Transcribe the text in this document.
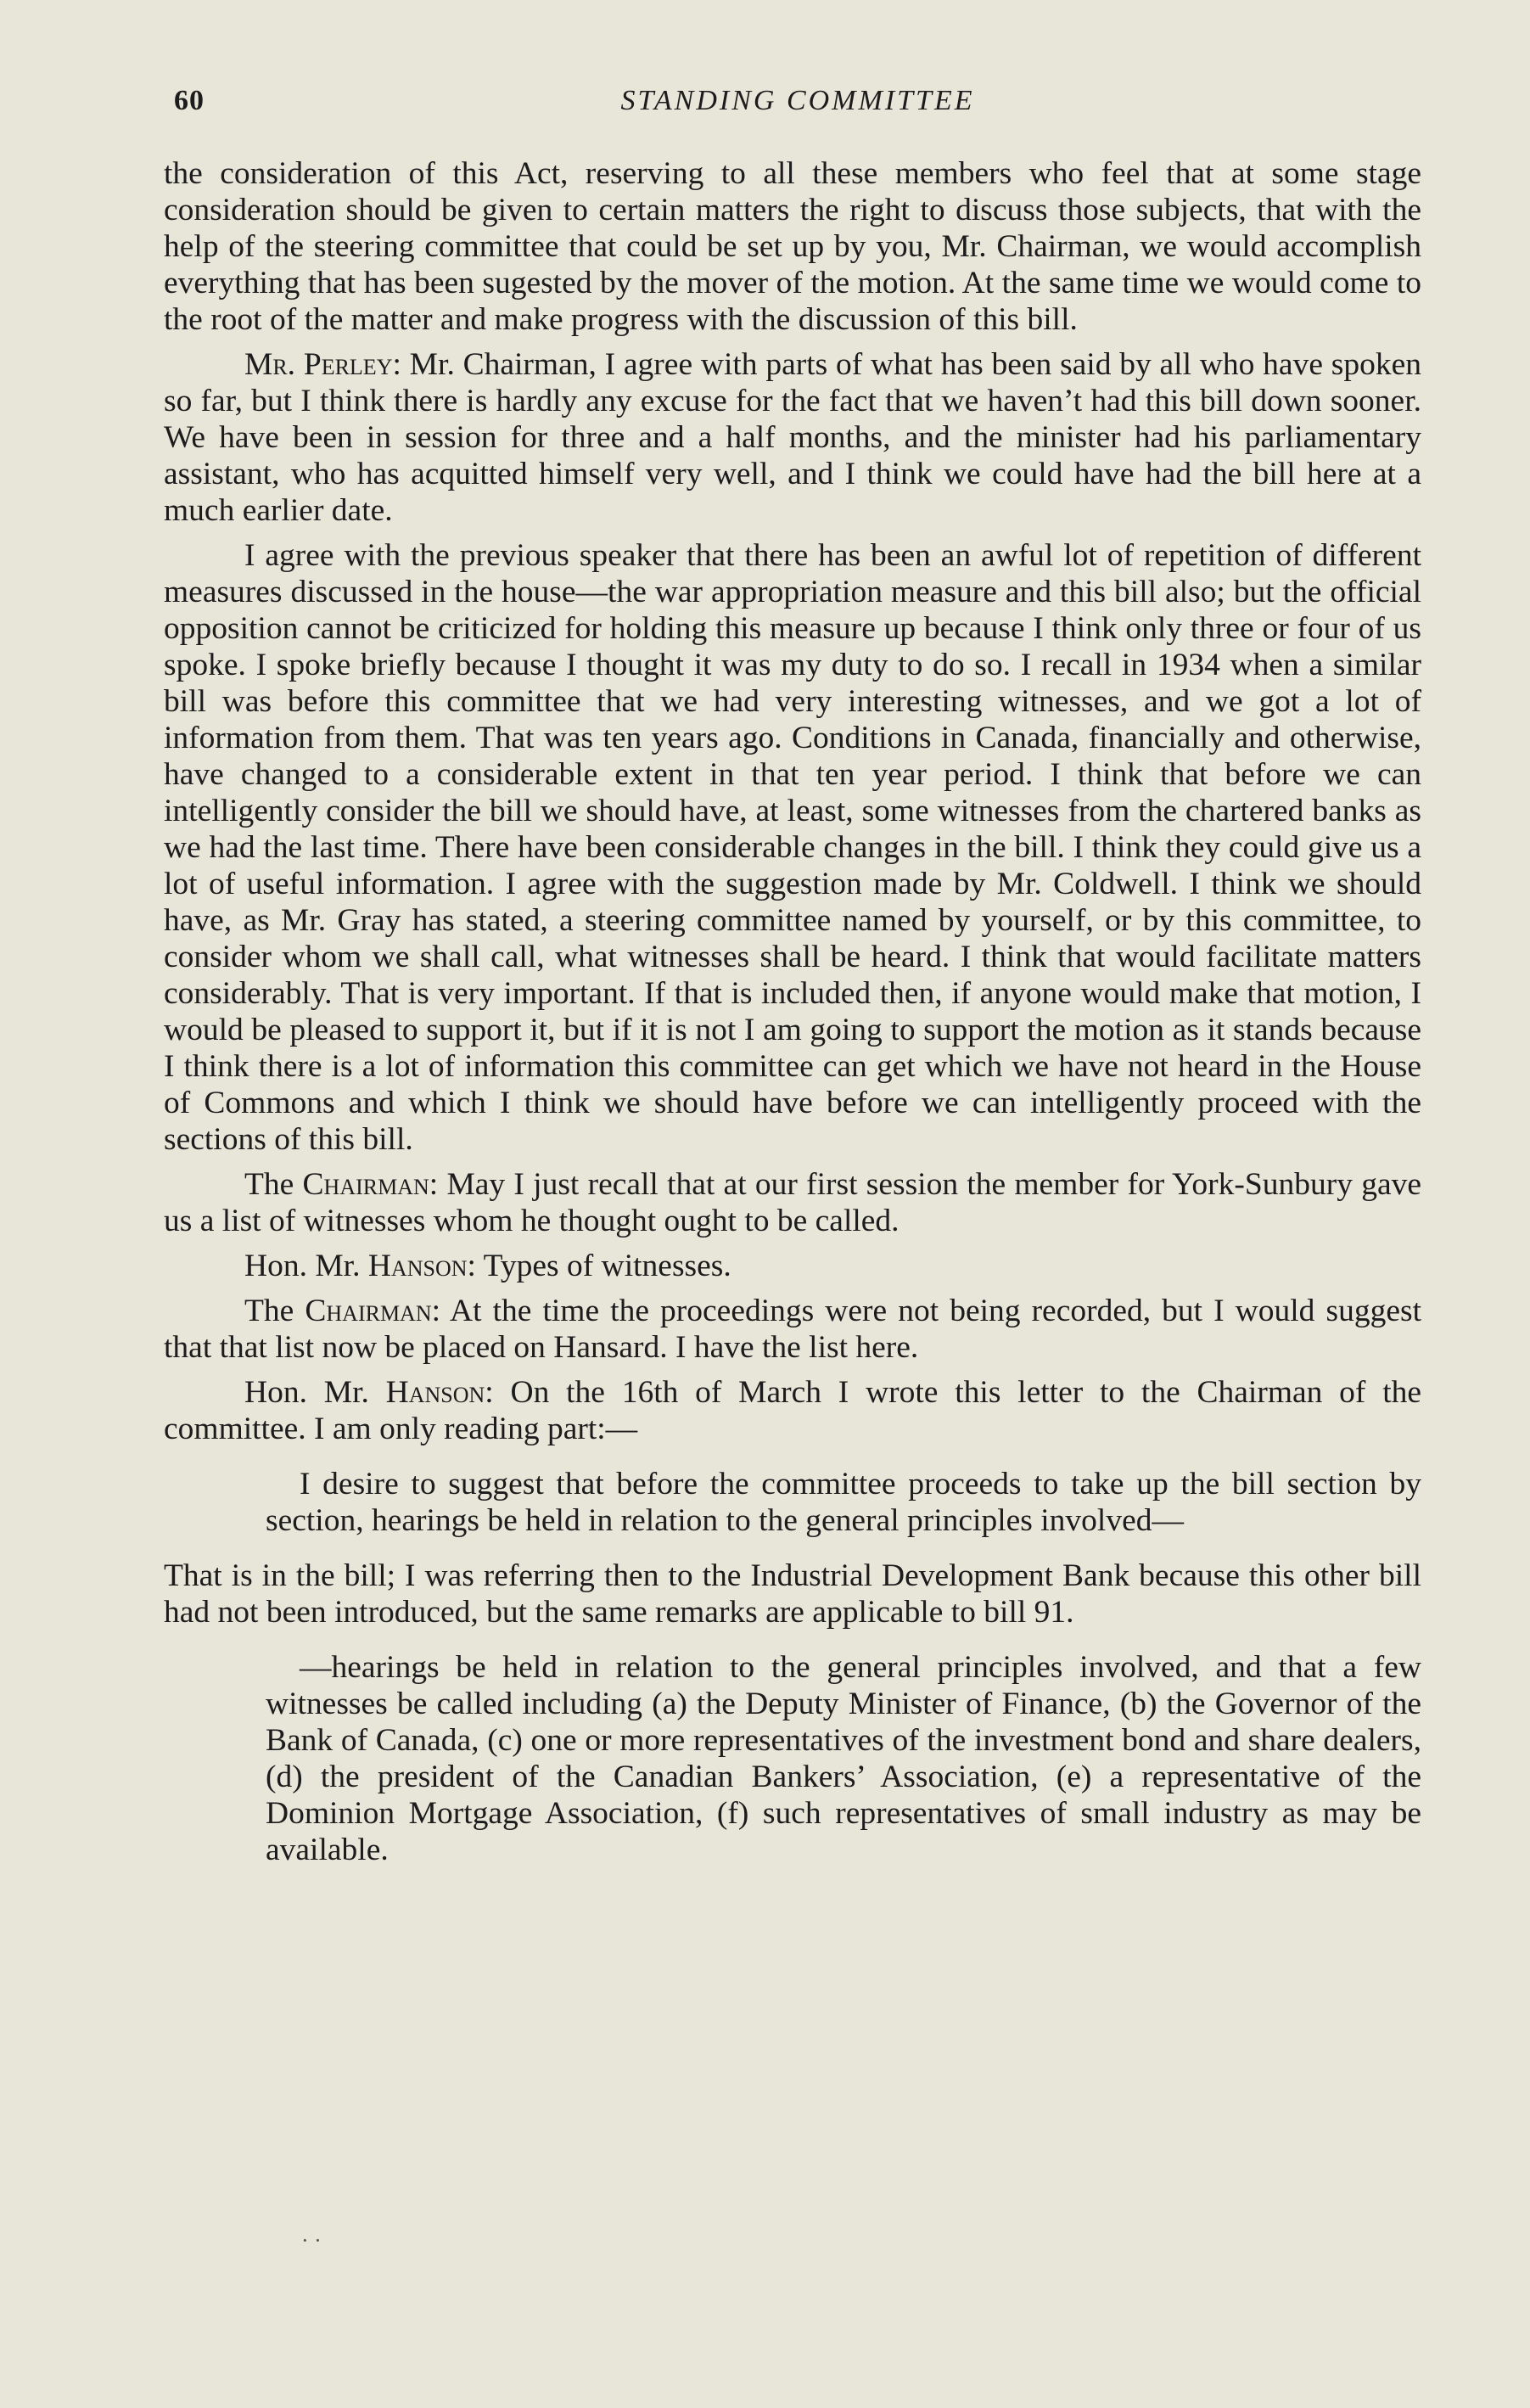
60	STANDING COMMITTEE

the consideration of this Act, reserving to all these members who feel that at some stage consideration should be given to certain matters the right to discuss those subjects, that with the help of the steering committee that could be set up by you, Mr. Chairman, we would accomplish everything that has been sugested by the mover of the motion. At the same time we would come to the root of the matter and make progress with the discussion of this bill.

Mr. Perley: Mr. Chairman, I agree with parts of what has been said by all who have spoken so far, but I think there is hardly any excuse for the fact that we haven’t had this bill down sooner. We have been in session for three and a half months, and the minister had his parliamentary assistant, who has acquitted himself very well, and I think we could have had the bill here at a much earlier date.

I agree with the previous speaker that there has been an awful lot of repetition of different measures discussed in the house—the war appropriation measure and this bill also; but the official opposition cannot be criticized for holding this measure up because I think only three or four of us spoke. I spoke briefly because I thought it was my duty to do so. I recall in 1934 when a similar bill was before this committee that we had very interesting witnesses, and we got a lot of information from them. That was ten years ago. Conditions in Canada, financially and otherwise, have changed to a considerable extent in that ten year period. I think that before we can intelligently consider the bill we should have, at least, some witnesses from the chartered banks as we had the last time. There have been considerable changes in the bill. I think they could give us a lot of useful information. I agree with the suggestion made by Mr. Coldwell. I think we should have, as Mr. Gray has stated, a steering committee named by yourself, or by this committee, to consider whom we shall call, what witnesses shall be heard. I think that would facilitate matters considerably. That is very important. If that is included then, if anyone would make that motion, I would be pleased to support it, but if it is not I am going to support the motion as it stands because I think there is a lot of information this committee can get which we have not heard in the House of Commons and which I think we should have before we can intelligently proceed with the sections of this bill.

The Chairman: May I just recall that at our first session the member for York-Sunbury gave us a list of witnesses whom he thought ought to be called.

Hon. Mr. Hanson: Types of witnesses.

The Chairman: At the time the proceedings were not being recorded, but I would suggest that that list now be placed on Hansard. I have the list here.

Hon. Mr. Hanson: On the 16th of March I wrote this letter to the Chairman of the committee. I am only reading part:—

I desire to suggest that before the committee proceeds to take up the bill section by section, hearings be held in relation to the general principles involved—

That is in the bill; I was referring then to the Industrial Development Bank because this other bill had not been introduced, but the same remarks are applicable to bill 91.

—hearings be held in relation to the general principles involved, and that a few witnesses be called including (a) the Deputy Minister of Finance, (b) the Governor of the Bank of Canada, (c) one or more representatives of the investment bond and share dealers, (d) the president of the Canadian Bankers’ Association, (e) a representative of the Dominion Mortgage Association, (f) such representatives of small industry as may be available.
· ·
